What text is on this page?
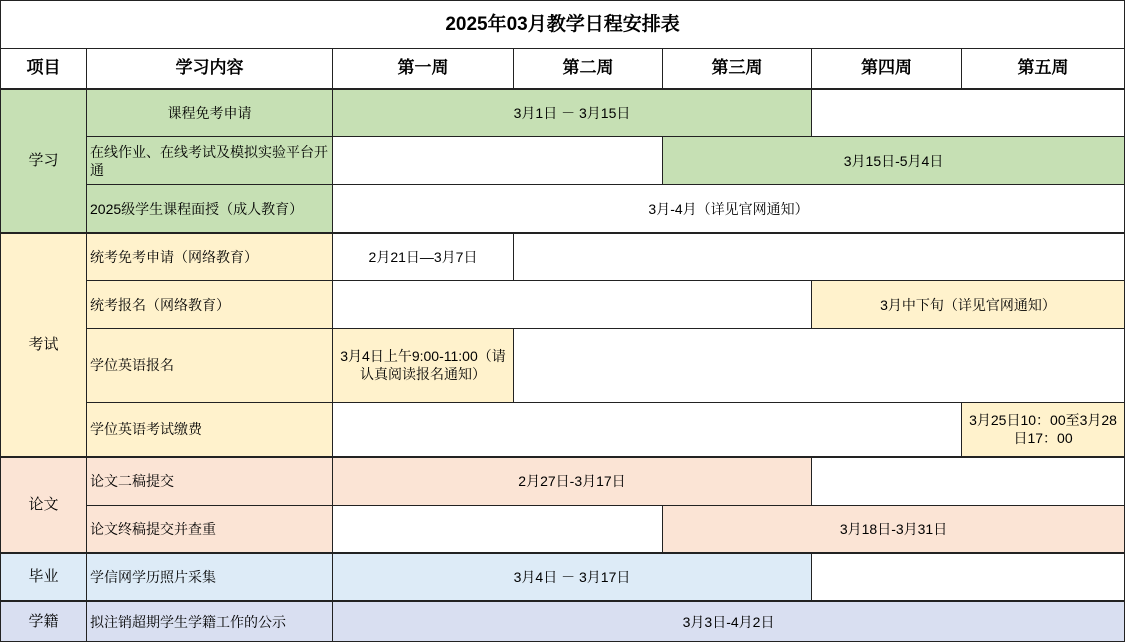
2025年03月教学日程安排表						
项目	学习内容	第一周	第二周	第三周	第四周	第五周
学习	课程免考申请	3月1日 － 3月15日				
	在线作业、在线考试及模拟实验平台开通			3月15日-5月4日		
	2025级学生课程面授（成人教育）	3月-4月（详见官网通知）				
考试	统考免考申请（网络教育）	2月21日—3月7日				
	统考报名（网络教育）				3月中下旬（详见官网通知）	
	学位英语报名	3月4日上午9:00-11:00（请认真阅读报名通知）				
	学位英语考试缴费					3月25日10：00至3月28日17：00
论文	论文二稿提交	2月27日-3月17日				
	论文终稿提交并查重			3月18日-3月31日		
毕业	学信网学历照片采集	3月4日 － 3月17日				
学籍	拟注销超期学生学籍工作的公示	3月3日-4月2日				
